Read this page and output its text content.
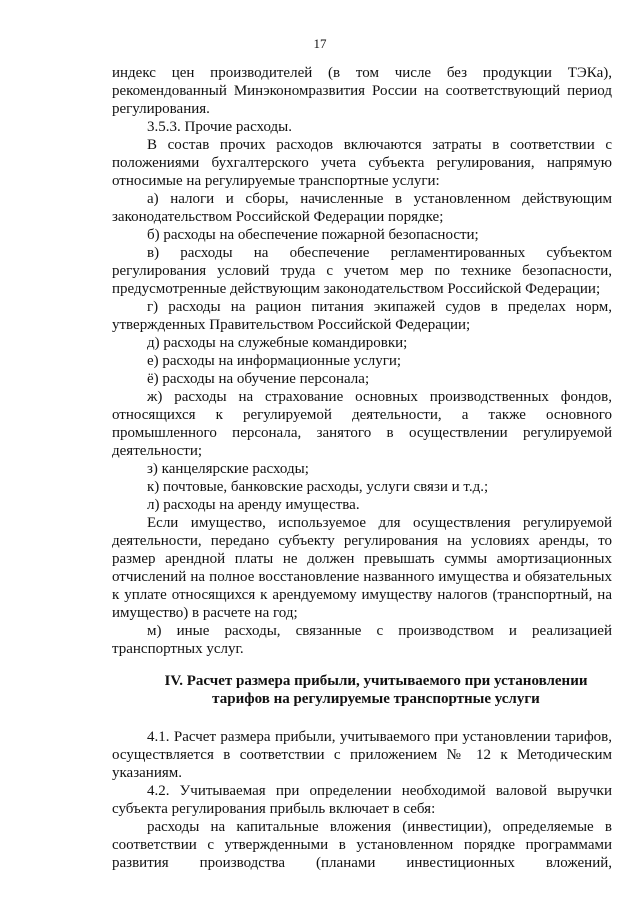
17

индекс цен производителей (в том числе без продукции ТЭКа), рекомендованный Минэкономразвития России на соответствующий период регулирования.

3.5.3. Прочие расходы.

В состав прочих расходов включаются затраты в соответствии с положениями бухгалтерского учета субъекта регулирования, напрямую относимые на регулируемые транспортные услуги:

а) налоги и сборы, начисленные в установленном действующим законодательством Российской Федерации порядке;

б) расходы на обеспечение пожарной безопасности;

в) расходы на обеспечение регламентированных субъектом регулирования условий труда с учетом мер по технике безопасности, предусмотренные действующим законодательством Российской Федерации;

г) расходы на рацион питания экипажей судов в пределах норм, утвержденных Правительством Российской Федерации;

д) расходы на служебные командировки;

е) расходы на информационные услуги;

ё) расходы на обучение персонала;

ж) расходы на страхование основных производственных фондов, относящихся к регулируемой деятельности, а также основного промышленного персонала, занятого в осуществлении регулируемой деятельности;

з) канцелярские расходы;

к) почтовые, банковские расходы, услуги связи и т.д.;

л) расходы на аренду имущества.

Если имущество, используемое для осуществления регулируемой деятельности, передано субъекту регулирования на условиях аренды, то размер арендной платы не должен превышать суммы амортизационных отчислений на полное восстановление названного имущества и обязательных к уплате относящихся к арендуемому имуществу налогов (транспортный, на имущество) в расчете на год;

м) иные расходы, связанные с производством и реализацией транспортных услуг.

IV. Расчет размера прибыли, учитываемого при установлении
тарифов на регулируемые транспортные услуги

4.1. Расчет размера прибыли, учитываемого при установлении тарифов, осуществляется в соответствии с приложением № 12 к Методическим указаниям.

4.2. Учитываемая при определении необходимой валовой выручки субъекта регулирования прибыль включает в себя:

расходы на капитальные вложения (инвестиции), определяемые в соответствии с утвержденными в установленном порядке программами развития производства (планами инвестиционных вложений,
